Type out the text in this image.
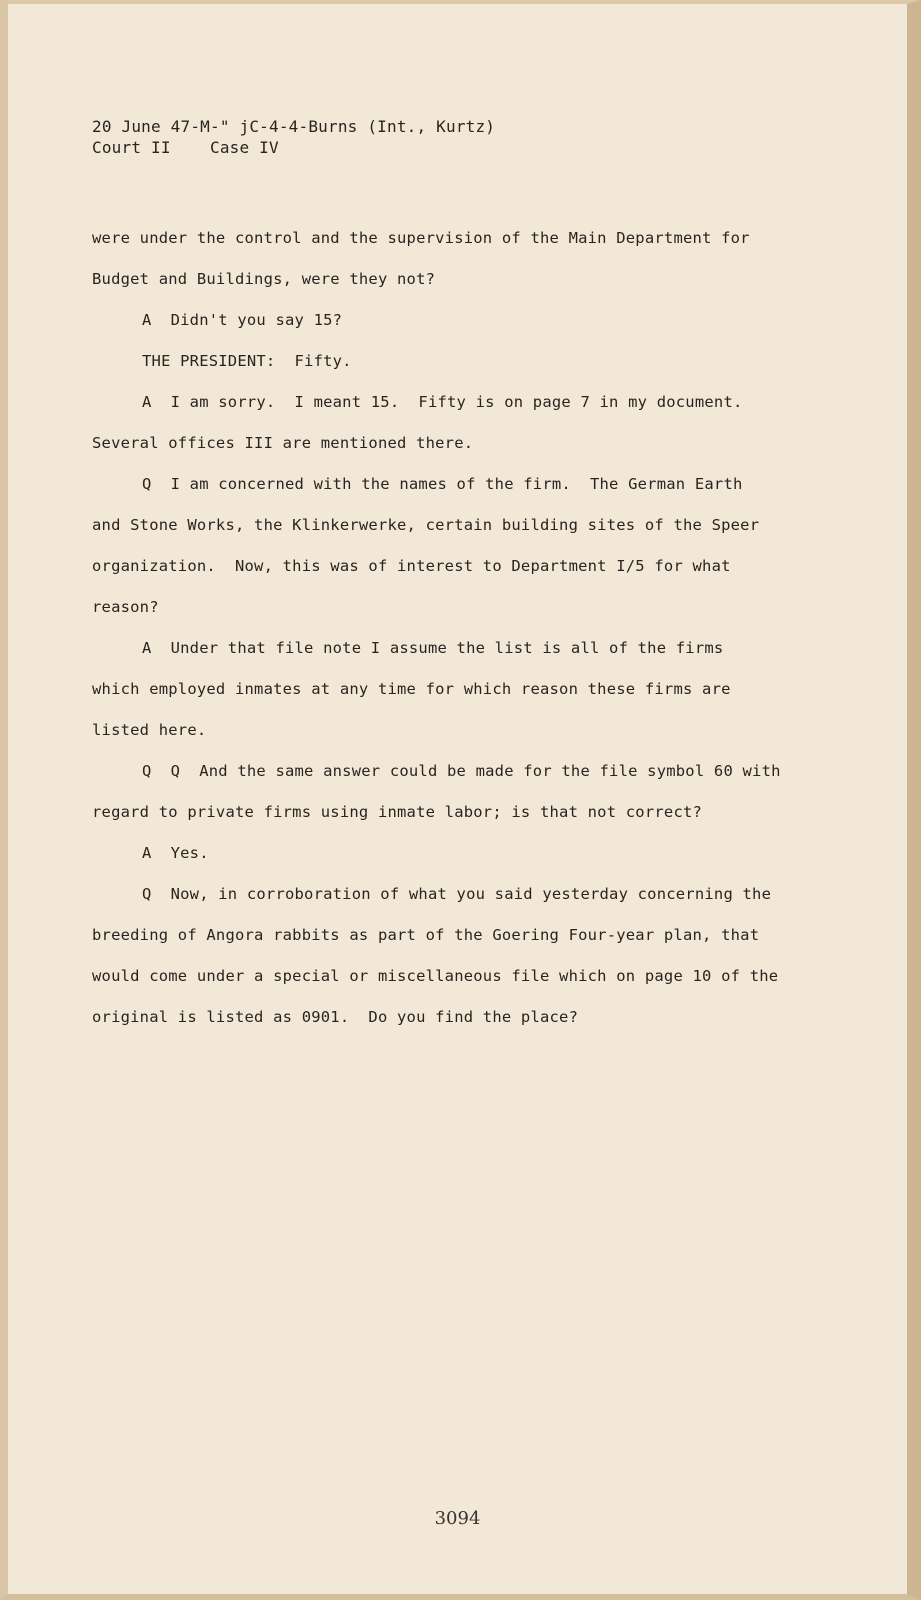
20 June 47-M-" jC-4-4-Burns (Int., Kurtz)
Court II    Case IV
were under the control and the supervision of the Main Department for
Budget and Buildings, were they not?
A  Didn't you say 15?
THE PRESIDENT:  Fifty.
A  I am sorry.  I meant 15.  Fifty is on page 7 in my document.
Several offices III are mentioned there.
Q  I am concerned with the names of the firm.  The German Earth
and Stone Works, the Klinkerwerke, certain building sites of the Speer
organization.  Now, this was of interest to Department I/5 for what
reason?
A  Under that file note I assume the list is all of the firms
which employed inmates at any time for which reason these firms are
listed here.
Q  Q  And the same answer could be made for the file symbol 60 with
regard to private firms using inmate labor; is that not correct?
A  Yes.
Q  Now, in corroboration of what you said yesterday concerning the
breeding of Angora rabbits as part of the Goering Four-year plan, that
would come under a special or miscellaneous file which on page 10 of the
original is listed as 0901.  Do you find the place?
3094
